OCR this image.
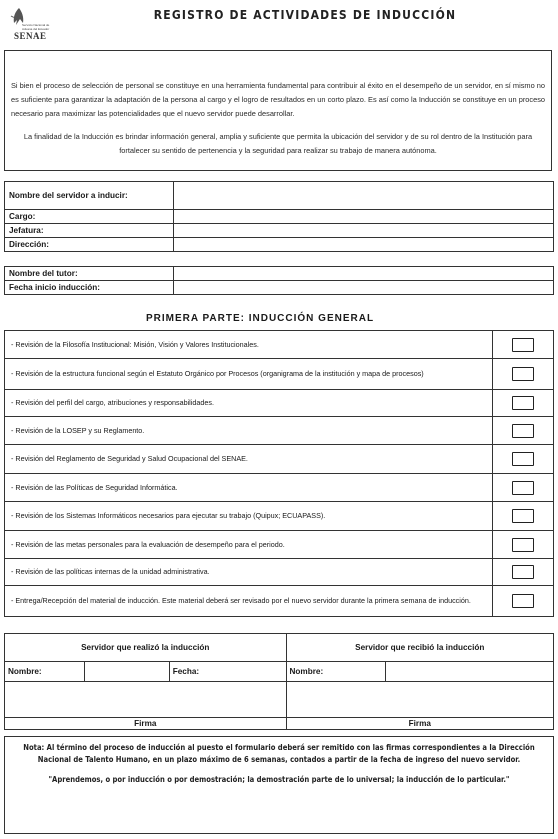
Servicio Nacional de Aduana del Ecuador
SENAE
REGISTRO DE ACTIVIDADES DE INDUCCIÓN

Si bien el proceso de selección de personal se constituye en una herramienta fundamental para contribuir al éxito en el desempeño de un servidor, en sí mismo no es suficiente para garantizar la adaptación de la persona al cargo y el logro de resultados en un corto plazo. Es así como la Inducción se constituye en un proceso necesario para maximizar las potencialidades que el nuevo servidor puede desarrollar.

La finalidad de la Inducción es brindar información general, amplia y suficiente que permita la ubicación del servidor y de su rol dentro de la Institución para fortalecer su sentido de pertenencia y la seguridad para realizar su trabajo de manera autónoma.

Nombre del servidor a inducir:	
Cargo:	
Jefatura:	
Dirección:	
Nombre del tutor:	
Fecha inicio inducción:	
PRIMERA PARTE: INDUCCIÓN GENERAL
- Revisión de la Filosofía Institucional: Misión, Visión y Valores Institucionales.	
- Revisión de la estructura funcional según el Estatuto Orgánico por Procesos (organigrama de la institución y mapa de procesos)	
- Revisión del perfil del cargo, atribuciones y responsabilidades.	
- Revisión de la LOSEP y su Reglamento.	
- Revisión del Reglamento de Seguridad y Salud Ocupacional del SENAE.	
- Revisión de las Políticas de Seguridad Informática.	
- Revisión de los Sistemas Informáticos necesarios para ejecutar su trabajo (Quipux; ECUAPASS).	
- Revisión de las metas personales para la evaluación de desempeño para el periodo.	
- Revisión de las políticas internas de la unidad administrativa.	
- Entrega/Recepción del material de inducción. Este material deberá ser revisado por el nuevo servidor durante la primera semana de inducción.	
Servidor que realizó la inducción			Servidor que recibió la inducción	
Nombre:		Fecha:	Nombre:	

Firma			Firma	

Nota: Al término del proceso de inducción al puesto el formulario deberá ser remitido con las firmas correspondientes a la Dirección Nacional de Talento Humano, en un plazo máximo de 6 semanas, contados a partir de la fecha de ingreso del nuevo servidor.

"Aprendemos, o por inducción o por demostración; la demostración parte de lo universal; la inducción de lo particular."
